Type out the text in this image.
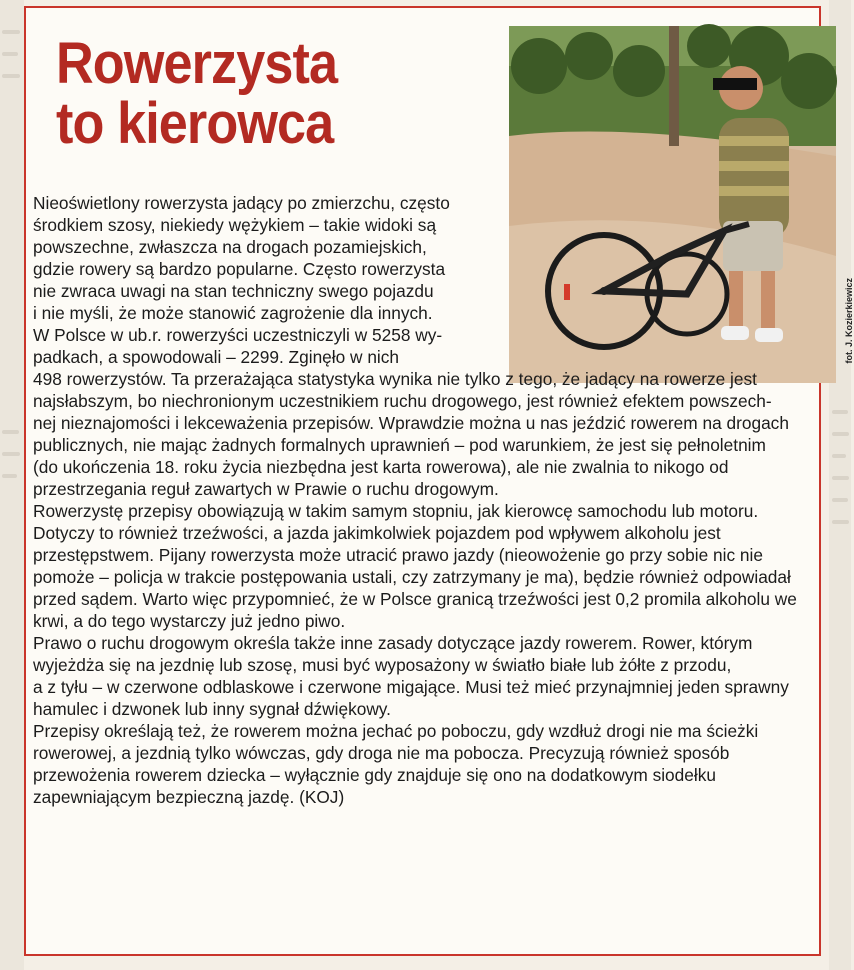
Rowerzysta
to kierowca
fot. J. Kozierkiewicz

Nieoświetlony rowerzysta jadący po zmierzchu, często
środkiem szosy, niekiedy wężykiem – takie widoki są
powszechne, zwłaszcza na drogach pozamiejskich,
gdzie rowery są bardzo popularne. Często rowerzysta
nie zwraca uwagi na stan techniczny swego pojazdu
i nie myśli, że może stanowić zagrożenie dla innych.
W Polsce w ub.r. rowerzyści uczestniczyli w 5258 wy-
padkach, a spowodowali – 2299. Zginęło w nich
498 rowerzystów. Ta przerażająca statystyka wynika nie tylko z tego, że jadący na rowerze jest
najsłabszym, bo niechronionym uczestnikiem ruchu drogowego, jest również efektem powszech-
nej nieznajomości i lekceważenia przepisów. Wprawdzie można u nas jeździć rowerem na drogach
publicznych, nie mając żadnych formalnych uprawnień – pod warunkiem, że jest się pełnoletnim
(do ukończenia 18. roku życia niezbędna jest karta rowerowa), ale nie zwalnia to nikogo od
przestrzegania reguł zawartych w Prawie o ruchu drogowym.

Rowerzystę przepisy obowiązują w takim samym stopniu, jak kierowcę samochodu lub motoru.
Dotyczy to również trzeźwości, a jazda jakimkolwiek pojazdem pod wpływem alkoholu jest
przestępstwem. Pijany rowerzysta może utracić prawo jazdy (nieowożenie go przy sobie nic nie
pomoże – policja w trakcie postępowania ustali, czy zatrzymany je ma), będzie również odpowiadał
przed sądem. Warto więc przypomnieć, że w Polsce granicą trzeźwości jest 0,2 promila alkoholu we
krwi, a do tego wystarczy już jedno piwo.

Prawo o ruchu drogowym określa także inne zasady dotyczące jazdy rowerem. Rower, którym
wyjeżdża się na jezdnię lub szosę, musi być wyposażony w światło białe lub żółte z przodu,
a z tyłu – w czerwone odblaskowe i czerwone migające. Musi też mieć przynajmniej jeden sprawny
hamulec i dzwonek lub inny sygnał dźwiękowy.

Przepisy określają też, że rowerem można jechać po poboczu, gdy wzdłuż drogi nie ma ścieżki
rowerowej, a jezdnią tylko wówczas, gdy droga nie ma pobocza. Precyzują również sposób
przewożenia rowerem dziecka – wyłącznie gdy znajduje się ono na dodatkowym siodełku
zapewniającym bezpieczną jazdę. (KOJ)
